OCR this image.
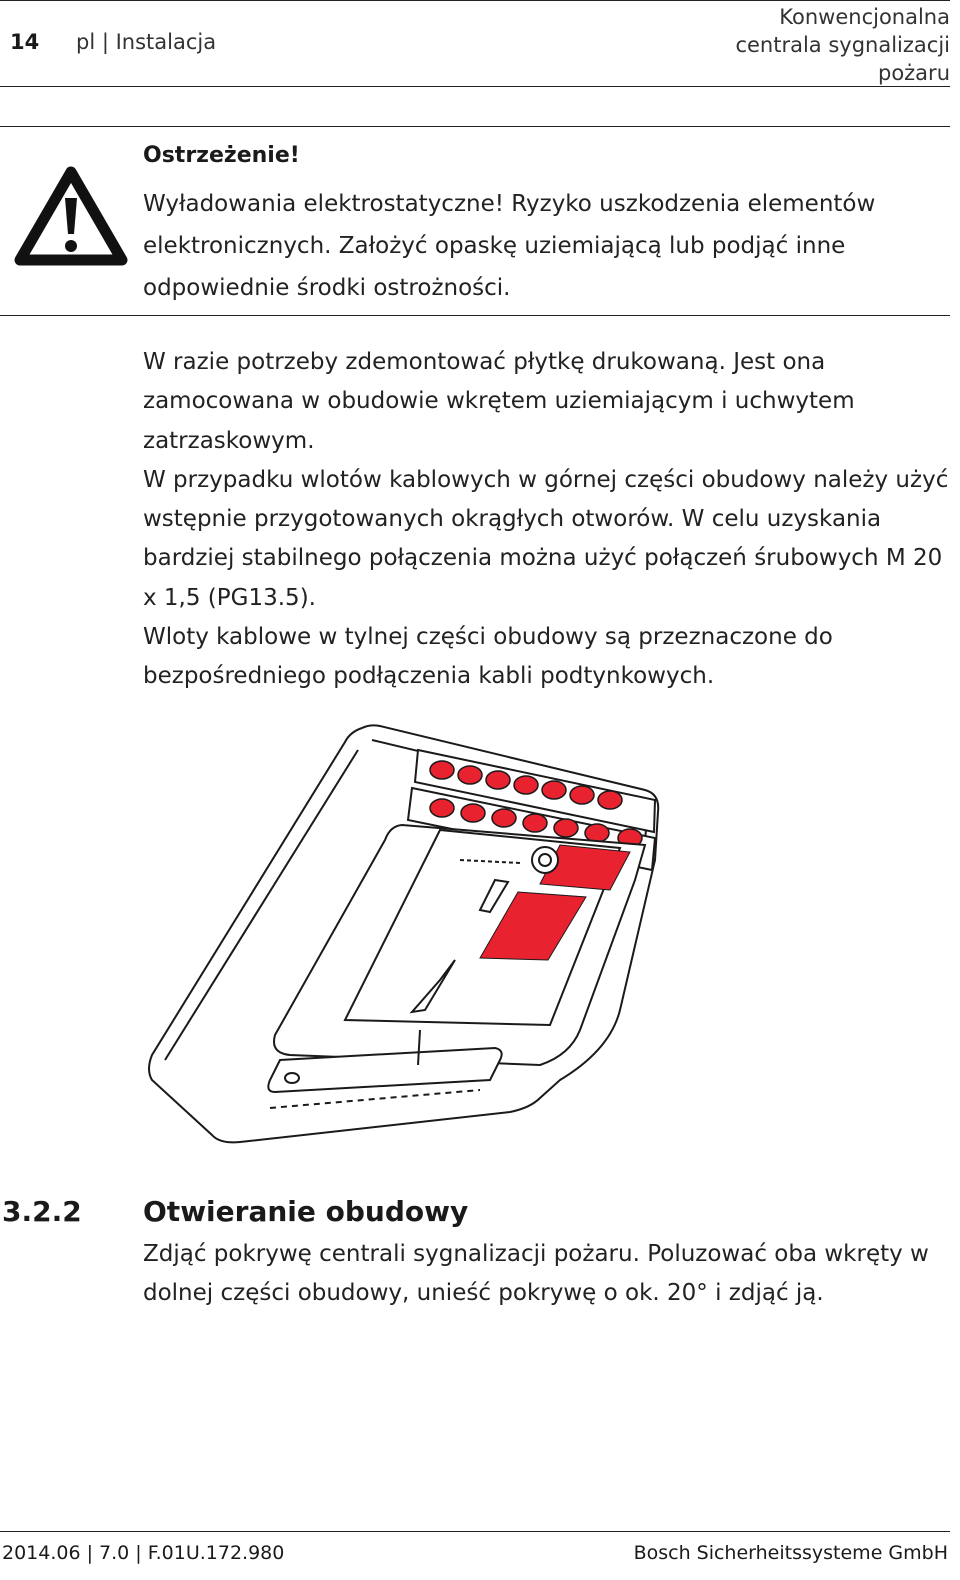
14 pl | Instalacja
Konwencjonalna centrala sygnalizacji pożaru
Ostrzeżenie!
Wyładowania elektrostatyczne! Ryzyko uszkodzenia elementów elektronicznych. Założyć opaskę uziemiającą lub podjąć inne odpowiednie środki ostrożności.

W razie potrzeby zdemontować płytkę drukowaną. Jest ona zamocowana w obudowie wkrętem uziemiającym i uchwytem zatrzaskowym.

W przypadku wlotów kablowych w górnej części obudowy należy użyć wstępnie przygotowanych okrągłych otworów. W celu uzyskania bardziej stabilnego połączenia można użyć połączeń śrubowych M 20 x 1,5 (PG13.5).

Wloty kablowe w tylnej części obudowy są przeznaczone do bezpośredniego podłączenia kabli podtynkowych.

3.2.2 Otwieranie obudowy
Zdjąć pokrywę centrali sygnalizacji pożaru. Poluzować oba wkręty w dolnej części obudowy, unieść pokrywę o ok. 20° i zdjąć ją.
2014.06 | 7.0 | F.01U.172.980	Bosch Sicherheitssysteme GmbH
